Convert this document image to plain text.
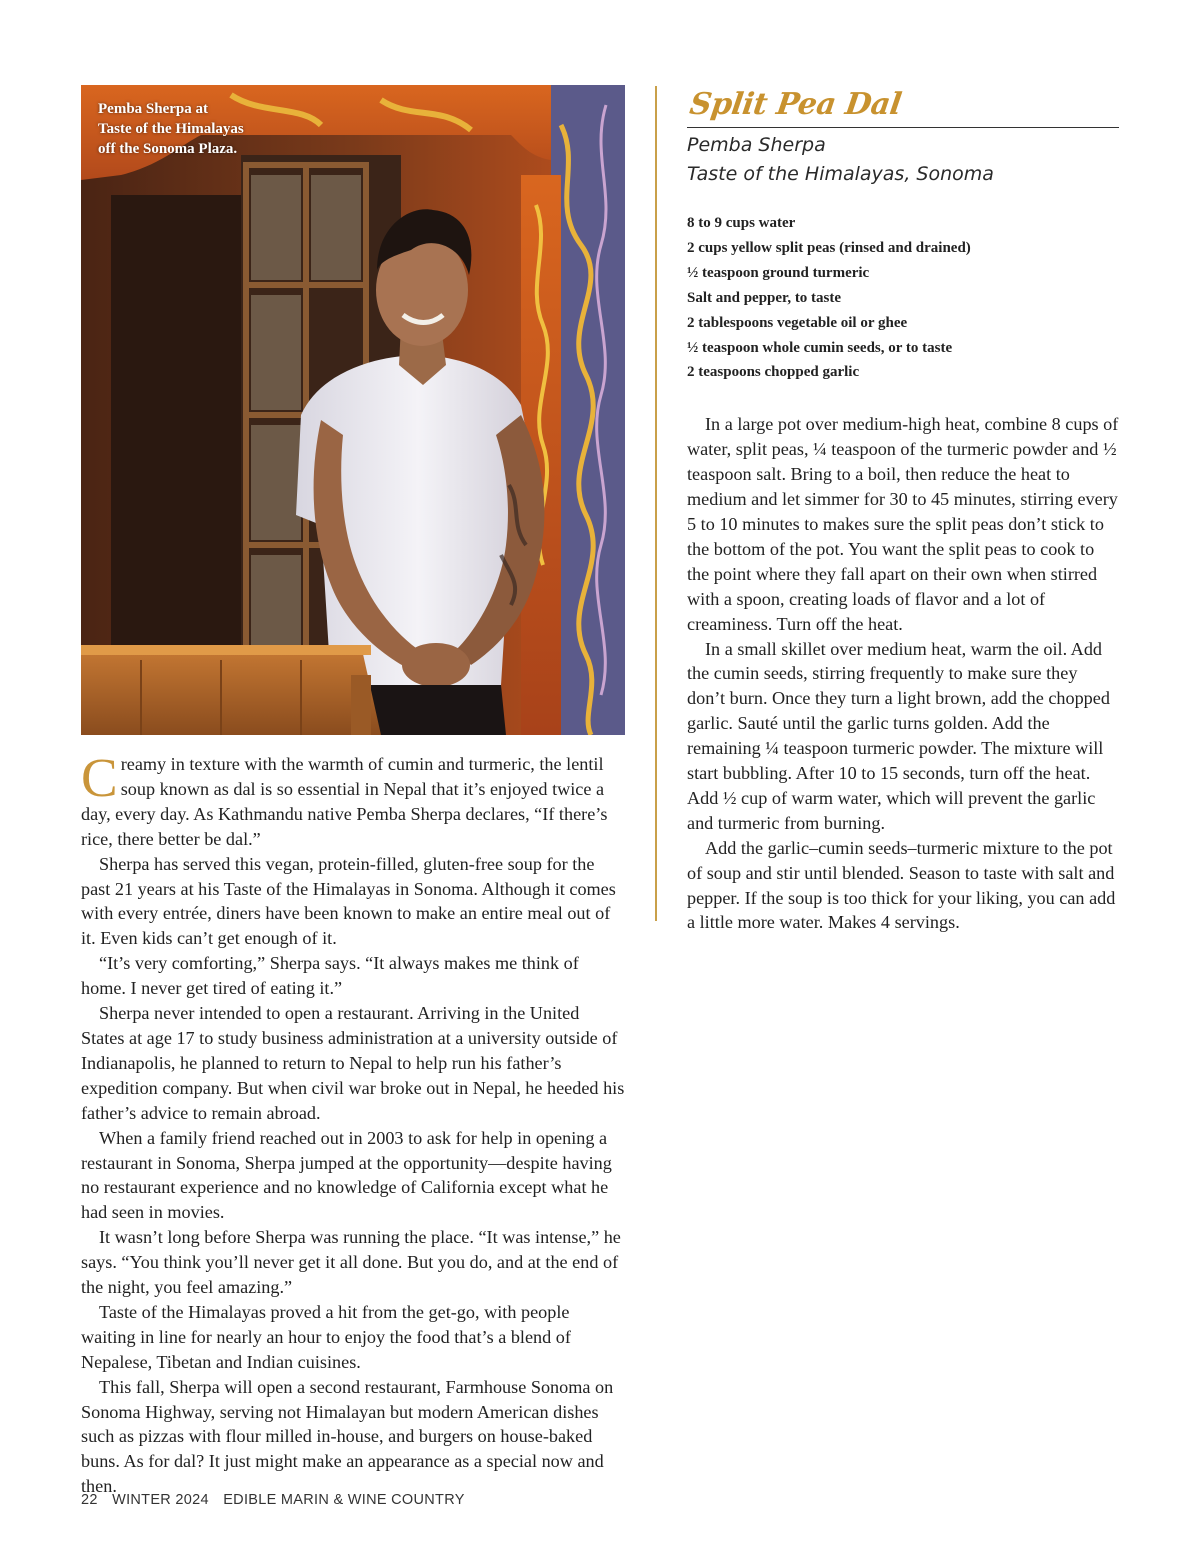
Pemba Sherpa at
Taste of the Himalayas
off the Sonoma Plaza.

Creamy in texture with the warmth of cumin and turmeric, the lentil soup known as dal is so essential in Nepal that it’s enjoyed twice a day, every day. As Kathmandu native Pemba Sherpa declares, “If there’s rice, there better be dal.”

Sherpa has served this vegan, protein-filled, gluten-free soup for the past 21 years at his Taste of the Himalayas in Sonoma. Although it comes with every entrée, diners have been known to make an entire meal out of it. Even kids can’t get enough of it.

“It’s very comforting,” Sherpa says. “It always makes me think of home. I never get tired of eating it.”

Sherpa never intended to open a restaurant. Arriving in the United States at age 17 to study business administration at a university outside of Indianapolis, he planned to return to Nepal to help run his father’s expedition company. But when civil war broke out in Nepal, he heeded his father’s advice to remain abroad.

When a family friend reached out in 2003 to ask for help in opening a restaurant in Sonoma, Sherpa jumped at the opportunity—despite having no restaurant experience and no knowledge of California except what he had seen in movies.

It wasn’t long before Sherpa was running the place. “It was intense,” he says. “You think you’ll never get it all done. But you do, and at the end of the night, you feel amazing.”

Taste of the Himalayas proved a hit from the get-go, with people waiting in line for nearly an hour to enjoy the food that’s a blend of Nepalese, Tibetan and Indian cuisines.

This fall, Sherpa will open a second restaurant, Farmhouse Sonoma on Sonoma Highway, serving not Himalayan but modern American dishes such as pizzas with flour milled in-house, and burgers on house-baked buns. As for dal? It just might make an appearance as a special now and then.

Split Pea Dal
Pemba Sherpa
Taste of the Himalayas, Sonoma
8 to 9 cups water
2 cups yellow split peas (rinsed and drained)
½ teaspoon ground turmeric
Salt and pepper, to taste
2 tablespoons vegetable oil or ghee
½ teaspoon whole cumin seeds, or to taste
2 teaspoons chopped garlic

In a large pot over medium-high heat, combine 8 cups of water, split peas, ¼ teaspoon of the turmeric powder and ½ teaspoon salt. Bring to a boil, then reduce the heat to medium and let simmer for 30 to 45 minutes, stirring every 5 to 10 minutes to makes sure the split peas don’t stick to the bottom of the pot. You want the split peas to cook to the point where they fall apart on their own when stirred with a spoon, creating loads of flavor and a lot of creaminess. Turn off the heat.

In a small skillet over medium heat, warm the oil. Add the cumin seeds, stirring frequently to make sure they don’t burn. Once they turn a light brown, add the chopped garlic. Sauté until the garlic turns golden. Add the remaining ¼ teaspoon turmeric powder. The mixture will start bubbling. After 10 to 15 seconds, turn off the heat. Add ½ cup of warm water, which will prevent the garlic and turmeric from burning.

Add the garlic–cumin seeds–turmeric mixture to the pot of soup and stir until blended. Season to taste with salt and pepper. If the soup is too thick for your liking, you can add a little more water. Makes 4 servings.

22 WINTER 2024 EDIBLE MARIN & WINE COUNTRY
